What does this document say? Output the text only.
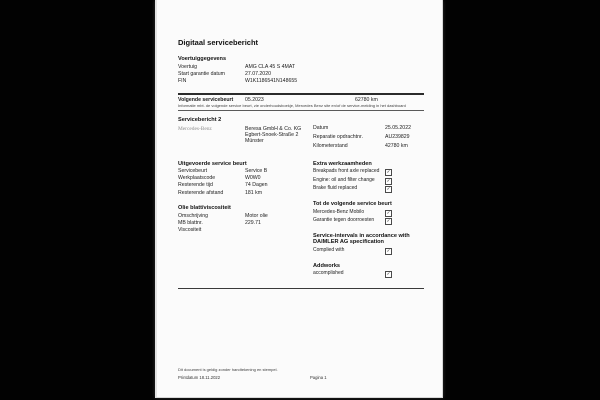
Digitaal servicebericht
Voertuiggegevens
Voertuig	AMG CLA 45 S 4MAT
Start garantie datum	27.07.2020
FIN	W1K1186541N148655
Volgende servicebeurt	05.2023	62780 km
Informatie mbt. de volgende service beurt, zie onderhoudsboekje, Mercedes Benz site en/of de service-melding in het dashboard
Servicebericht 2
Mercedes-Benz	Beresa GmbH & Co. KG
Egbert-Snoek-Straße 2
Münster
Datum	25.05.2022
Reparatie opdrachtnr.	AU239829
Kilometerstand	42780 km
Uitgevoerde service beurt
Servicebeurt	Service B
Werkplaatscode	W0W0
Resterende tijd	74 Dagen
Resterende afstand	181 km
Olie blatt/viscositeit
Omschrijving	Motor olie
MB blattnr.	229.71
Viscositeit
Extra werkzaamheden
Breakpads front axle replaced	✓
Engine: oil and filter change	✓
Brake fluid replaced	✓
Tot de volgende service beurt
Mercedes-Benz Mobilo	✓
Garantie tegen doorroesten	✓
Service-intervals in accordance with DAIMLER AG specification
Complied with	✓
Addworks
accomplished	✓
Dit document is geldig zonder handtekening en stempel.
Printdatum 18.11.2022	Pagina 1
